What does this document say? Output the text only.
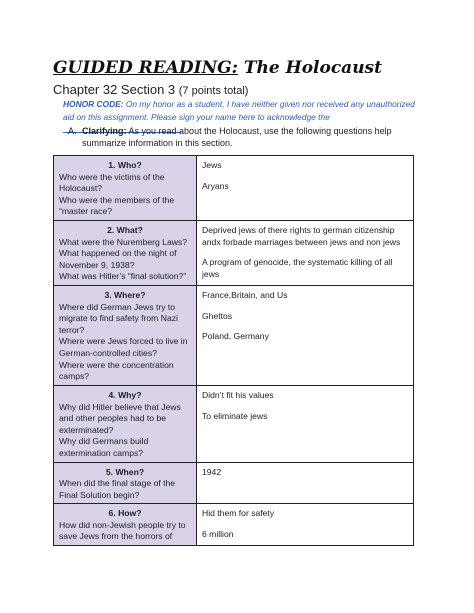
GUIDED READING: The Holocaust
Chapter 32 Section 3 (7 points total)
HONOR CODE: On my honor as a student, I have neither given nor received any unauthorized aid on this assignment. Please sign your name here to acknowledge the
A. Clarifying: As you read about the Holocaust, use the following questions help summarize information in this section.
1. Who?
Who were the victims of the Holocaust?
Who were the members of the “master race?	Jews
Aryans

2. What?
What were the Nuremberg Laws?
What happened on the night of November 9, 1938?
What was Hitler’s “final solution?”	Deprived jews of there rights to german citizenship andx forbade marriages between jews and non jews
A program of genocide, the systematic killing of all jews

3. Where?
Where did German Jews try to migrate to find safety from Nazi terror?
Where were Jews forced to live in German-controlled cities?
Where were the concentration camps?	France,Britain, and Us
Ghettos
Poland, Germany

4. Why?
Why did Hitler believe that Jews and other peoples had to be exterminated?
Why did Germans build extermination camps?	Didn’t fit his values
To eliminate jews

5. When?
When did the final stage of the Final Solution begin?	1942

6. How?
How did non-Jewish people try to save Jews from the horrors of	Hid them for safety
6 million
